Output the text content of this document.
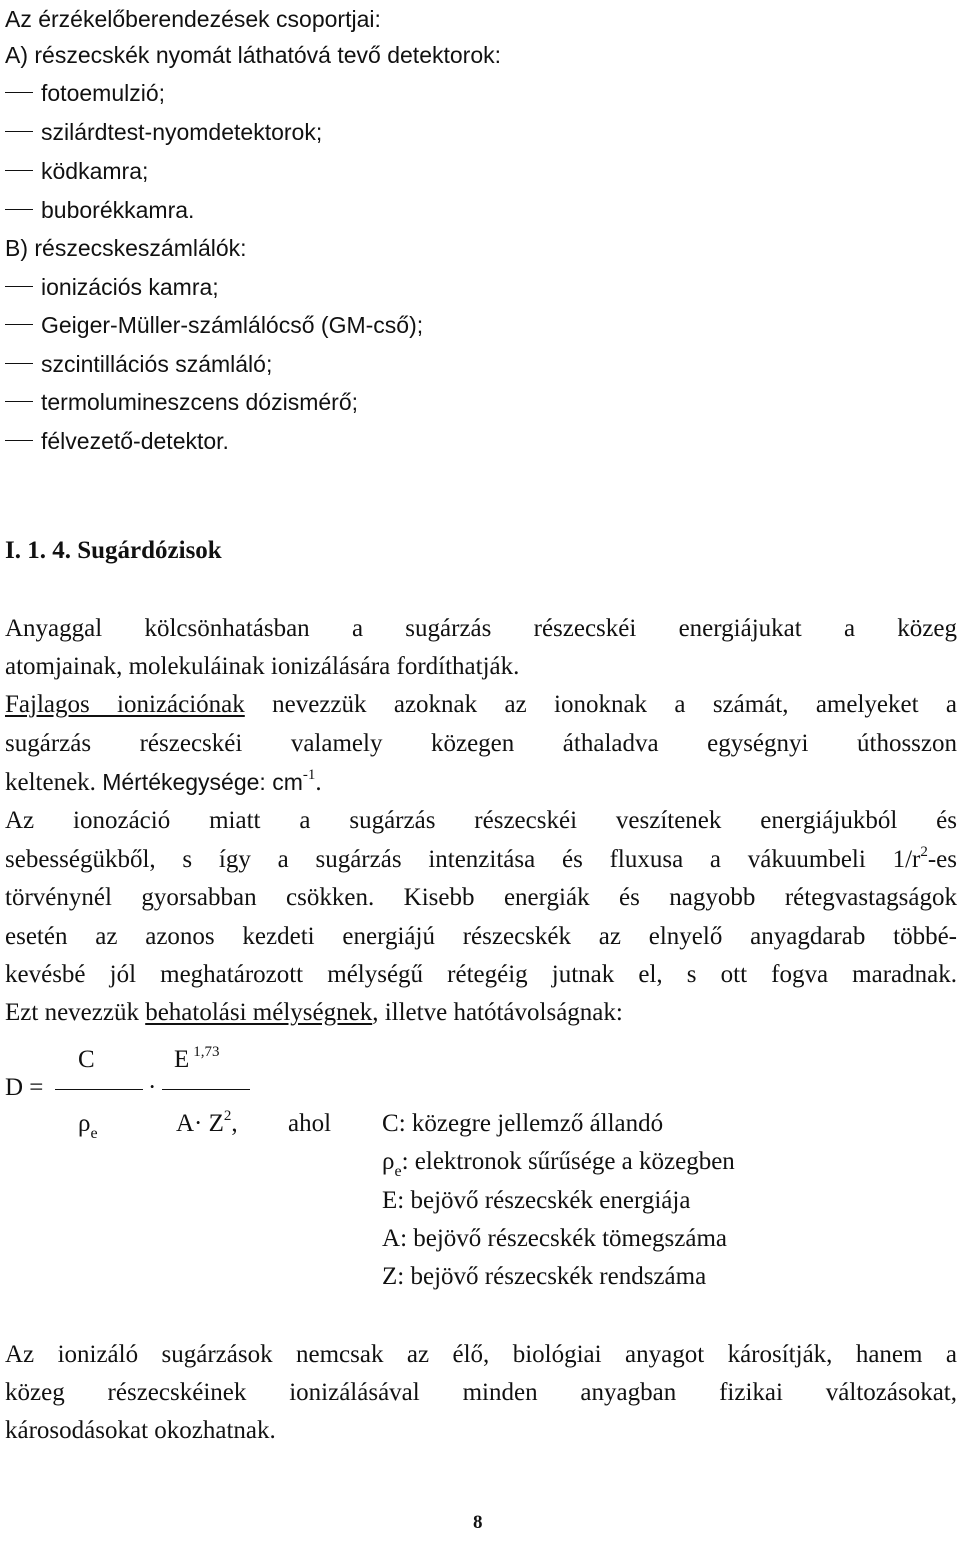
Az érzékelőberendezések csoportjai:
A) részecskék nyomát láthatóvá tevő detektorok:
fotoemulzió;
szilárdtest-nyomdetektorok;
ködkamra;
buborékkamra.
B) részecskeszámlálók:
ionizációs kamra;
Geiger-Müller-számlálócső (GM-cső);
szcintillációs számláló;
termolumineszcens dózismérő;
félvezető-detektor.
I. 1. 4. Sugárdózisok
Anyaggal kölcsönhatásban a sugárzás részecskéi energiájukat a közeg
atomjainak, molekuláinak ionizálására fordíthatják.
Fajlagos ionizációnak nevezzük azoknak az ionoknak a számát, amelyeket a
sugárzás részecskéi valamely közegen áthaladva egységnyi úthosszon
keltenek. Mértékegysége: $cm^{-1}$.
Az ionozáció miatt a sugárzás részecskéi veszítenek energiájukból és
sebességükből, s így a sugárzás intenzitása és fluxusa a vákuumbeli $1/r^2-es$
törvénynél gyorsabban csökken. Kisebb energiák és nagyobb rétegvastagságok
esetén az azonos kezdeti energiájú részecskék az elnyelő anyagdarab többé-
kevésbé jól meghatározott mélységű rétegéig jutnak el, s ott fogva maradnak.
Ezt nevezzük behatolási mélységnek, illetve hatótávolságnak:
C	E $^{1,73}$
D =	·
$\rho_e$	$A\cdot Z^2$, ahol C: közegre jellemző állandó
$\rho_e$: elektronok sűrűsége a közegben
E: bejövő részecskék energiája
A: bejövő részecskék tömegszáma
Z: bejövő részecskék rendszáma
Az ionizáló sugárzások nemcsak az élő, biológiai anyagot károsítják, hanem a
közeg részecskéinek ionizálásával minden anyagban fizikai változásokat,
károsodásokat okozhatnak.
8
